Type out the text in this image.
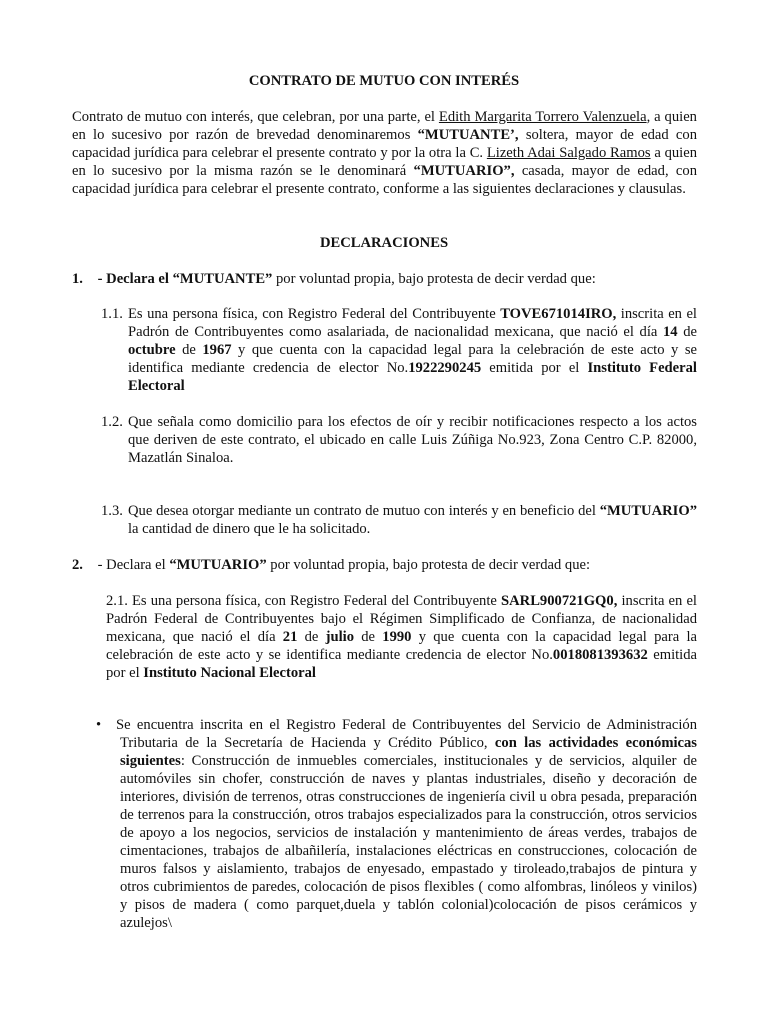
CONTRATO DE MUTUO CON INTERÉS

Contrato de mutuo con interés, que celebran, por una parte, el Edith Margarita Torrero Valenzuela, a quien en lo sucesivo por razón de brevedad denominaremos “MUTUANTE’, soltera, mayor de edad con capacidad jurídica para celebrar el presente contrato y por la otra la C. Lizeth Adai Salgado Ramos a quien en lo sucesivo por la misma razón se le denominará “MUTUARIO”, casada, mayor de edad, con capacidad jurídica para celebrar el presente contrato, conforme a las siguientes declaraciones y clausulas.

DECLARACIONES

1. - Declara el “MUTUANTE” por voluntad propia, bajo protesta de decir verdad que:

1.1. Es una persona física, con Registro Federal del Contribuyente TOVE671014IRO, inscrita en el Padrón de Contribuyentes como asalariada, de nacionalidad mexicana, que nació el día 14 de octubre de 1967 y que cuenta con la capacidad legal para la celebración de este acto y se identifica mediante credencia de elector No.1922290245 emitida por el Instituto Federal Electoral
1.2. Que señala como domicilio para los efectos de oír y recibir notificaciones respecto a los actos que deriven de este contrato, el ubicado en calle Luis Zúñiga No.923, Zona Centro C.P. 82000, Mazatlán Sinaloa.
1.3. Que desea otorgar mediante un contrato de mutuo con interés y en beneficio del “MUTUARIO” la cantidad de dinero que le ha solicitado.

2. - Declara el “MUTUARIO” por voluntad propia, bajo protesta de decir verdad que:

2.1. Es una persona física, con Registro Federal del Contribuyente SARL900721GQ0, inscrita en el Padrón Federal de Contribuyentes bajo el Régimen Simplificado de Confianza, de nacionalidad mexicana, que nació el día 21 de julio de 1990 y que cuenta con la capacidad legal para la celebración de este acto y se identifica mediante credencia de elector No.0018081393632 emitida por el Instituto Nacional Electoral

•	Se encuentra inscrita en el Registro Federal de Contribuyentes del Servicio de Administración Tributaria de la Secretaría de Hacienda y Crédito Público, con las actividades económicas siguientes: Construcción de inmuebles comerciales, institucionales y de servicios, alquiler de automóviles sin chofer, construcción de naves y plantas industriales, diseño y decoración de interiores, división de terrenos, otras construcciones de ingeniería civil u obra pesada, preparación de terrenos para la construcción, otros trabajos especializados para la construcción, otros servicios de apoyo a los negocios, servicios de instalación y mantenimiento de áreas verdes, trabajos de cimentaciones, trabajos de albañilería, instalaciones eléctricas en construcciones, colocación de muros falsos y aislamiento, trabajos de enyesado, empastado y tiroleado,trabajos de pintura y otros cubrimientos de paredes, colocación de pisos flexibles ( como alfombras, linóleos y vinilos) y pisos de madera ( como parquet,duela y tablón colonial)colocación de pisos cerámicos y azulejos\
